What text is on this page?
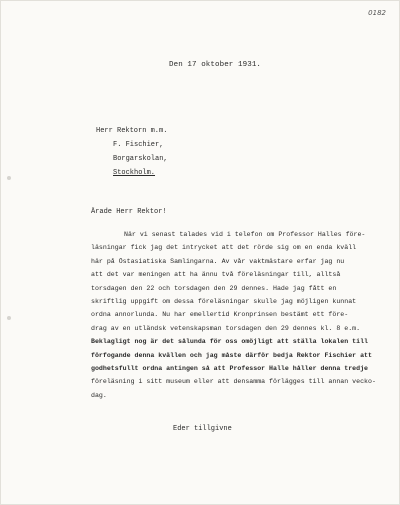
0182
Den 17 oktober 1931.
Herr Rektorn m.m.
F. Fischier,
Borgarskolan,
Stockholm.
Ärade Herr Rektor!
När vi senast talades vid i telefon om Professor Halles före-
läsningar fick jag det intrycket att det rörde sig om en enda kväll
här på Östasiatiska Samlingarna. Av vår vaktmästare erfar jag nu
att det var meningen att ha ännu två föreläsningar till, alltså
torsdagen den 22 och torsdagen den 29 dennes. Hade jag fått en
skriftlig uppgift om dessa föreläsningar skulle jag möjligen kunnat
ordna annorlunda. Nu har emellertid Kronprinsen bestämt ett före-
drag av en utländsk vetenskapsman torsdagen den 29 dennes kl. 8 e.m.
Beklagligt nog är det sålunda för oss omöjligt att ställa lokalen till
förfogande denna kvällen och jag måste därför bedja Rektor Fischier att
godhetsfullt ordna antingen så att Professor Halle håller denna tredje
föreläsning i sitt museum eller att densamma förlägges till annan vecko-
dag.
Eder tillgivne
